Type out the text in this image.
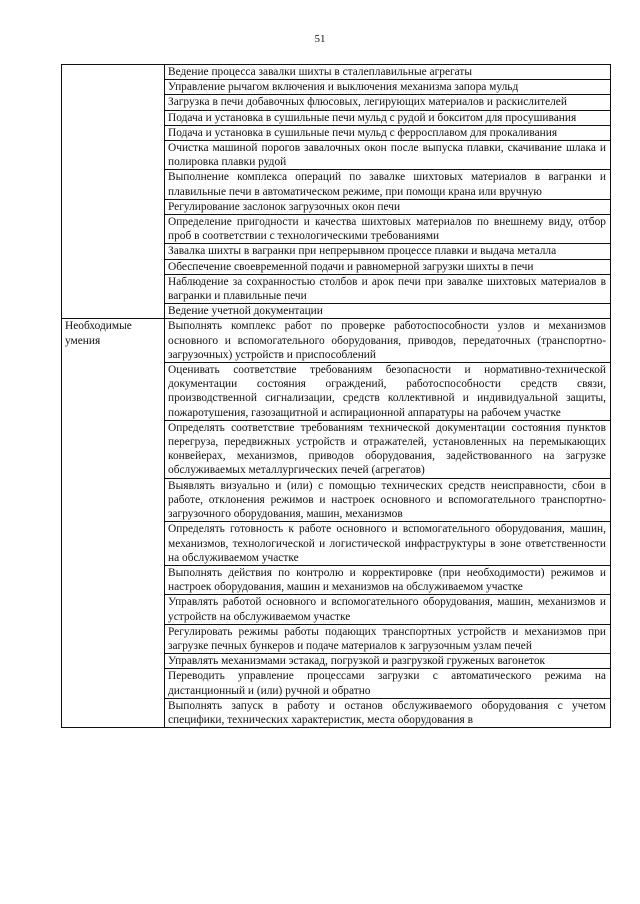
51
	Ведение процесса завалки шихты в сталеплавильные агрегаты
	Управление рычагом включения и выключения механизма запора мульд
	Загрузка в печи добавочных флюсовых, легирующих материалов и раскислителей
	Подача и установка в сушильные печи мульд с рудой и бокситом для просушивания
	Подача и установка в сушильные печи мульд с ферросплавом для прокаливания
	Очистка машиной порогов завалочных окон после выпуска плавки, скачивание шлака и полировка плавки рудой
	Выполнение комплекса операций по завалке шихтовых материалов в вагранки и плавильные печи в автоматическом режиме, при помощи крана или вручную
	Регулирование заслонок загрузочных окон печи
	Определение пригодности и качества шихтовых материалов по внешнему виду, отбор проб в соответствии с технологическими требованиями
	Завалка шихты в вагранки при непрерывном процессе плавки и выдача металла
	Обеспечение своевременной подачи и равномерной загрузки шихты в печи
	Наблюдение за сохранностью столбов и арок печи при завалке шихтовых материалов в вагранки и плавильные печи
	Ведение учетной документации
Необходимые умения	Выполнять комплекс работ по проверке работоспособности узлов и механизмов основного и вспомогательного оборудования, приводов, передаточных (транспортно-загрузочных) устройств и приспособлений
	Оценивать соответствие требованиям безопасности и нормативно-технической документации состояния ограждений, работоспособности средств связи, производственной сигнализации, средств коллективной и индивидуальной защиты, пожаротушения, газозащитной и аспирационной аппаратуры на рабочем участке
	Определять соответствие требованиям технической документации состояния пунктов перегруза, передвижных устройств и отражателей, установленных на перемыкающих конвейерах, механизмов, приводов оборудования, задействованного на загрузке обслуживаемых металлургических печей (агрегатов)
	Выявлять визуально и (или) с помощью технических средств неисправности, сбои в работе, отклонения режимов и настроек основного и вспомогательного транспортно-загрузочного оборудования, машин, механизмов
	Определять готовность к работе основного и вспомогательного оборудования, машин, механизмов, технологической и логистической инфраструктуры в зоне ответственности на обслуживаемом участке
	Выполнять действия по контролю и корректировке (при необходимости) режимов и настроек оборудования, машин и механизмов на обслуживаемом участке
	Управлять работой основного и вспомогательного оборудования, машин, механизмов и устройств на обслуживаемом участке
	Регулировать режимы работы подающих транспортных устройств и механизмов при загрузке печных бункеров и подаче материалов к загрузочным узлам печей
	Управлять механизмами эстакад, погрузкой и разгрузкой груженых вагонеток
	Переводить управление процессами загрузки с автоматического режима на дистанционный и (или) ручной и обратно
	Выполнять запуск в работу и останов обслуживаемого оборудования с учетом специфики, технических характеристик, места оборудования в
